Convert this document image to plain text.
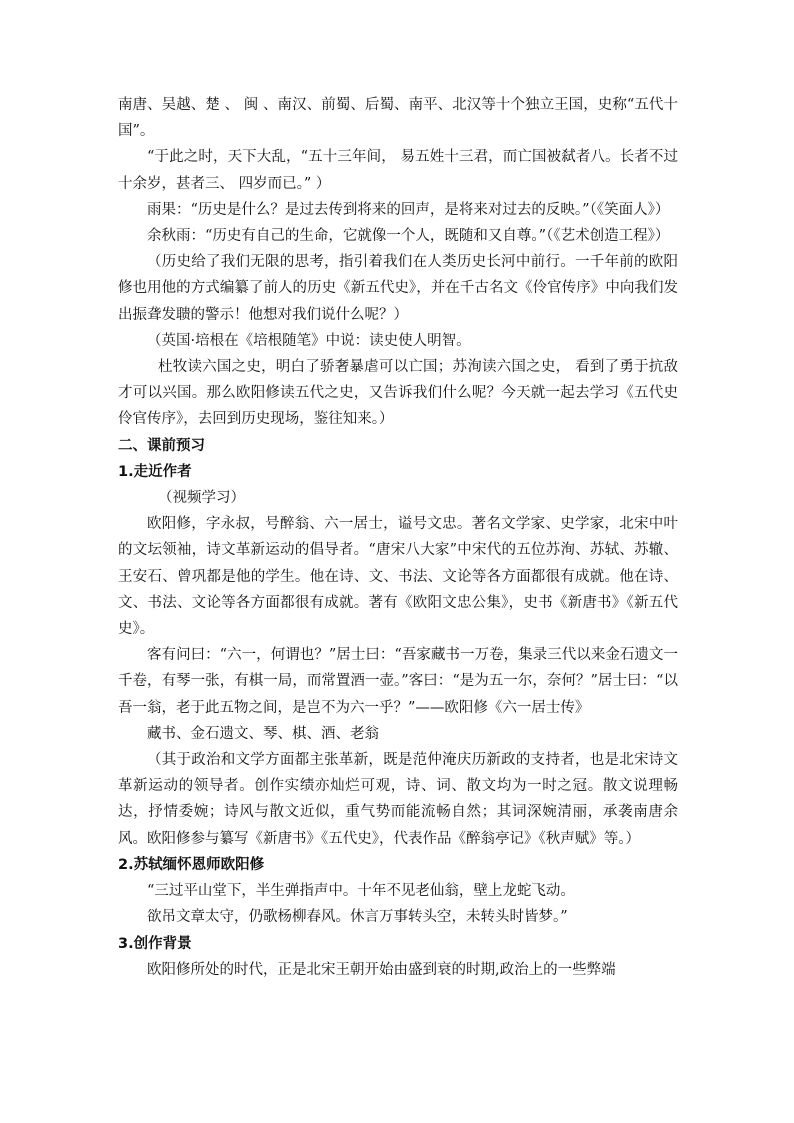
南唐、吴越、楚 、 闽 、南汉、前蜀、后蜀、南平、北汉等十个独立王国，史称“五代十国”。

“于此之时，天下大乱，“五十三年间， 易五姓十三君，而亡国被弑者八。长者不过十余岁，甚者三、 四岁而已。” ）

雨果：“历史是什么？是过去传到将来的回声，是将来对过去的反映。”（《笑面人》）

余秋雨：“历史有自己的生命，它就像一个人，既随和又自尊。”（《艺术创造工程》）

（历史给了我们无限的思考，指引着我们在人类历史长河中前行。一千年前的欧阳修也用他的方式编纂了前人的历史《新五代史》，并在千古名文《伶官传序》中向我们发出振聋发聩的警示！他想对我们说什么呢？）

（英国·培根在《培根随笔》中说：读史使人明智。

杜牧读六国之史，明白了骄奢暴虐可以亡国；苏洵读六国之史， 看到了勇于抗敌才可以兴国。那么欧阳修读五代之史，又告诉我们什么呢？今天就一起去学习《五代史伶官传序》，去回到历史现场，鉴往知来。）

二、课前预习

1.走近作者

（视频学习）

欧阳修，字永叔，号醉翁、六一居士，谥号文忠。著名文学家、史学家，北宋中叶的文坛领袖，诗文革新运动的倡导者。“唐宋八大家”中宋代的五位苏洵、苏轼、苏辙、王安石、曾巩都是他的学生。他在诗、文、书法、文论等各方面都很有成就。他在诗、文、书法、文论等各方面都很有成就。著有《欧阳文忠公集》，史书《新唐书》《新五代史》。

客有问曰：“六一，何谓也？”居士曰：“吾家藏书一万卷，集录三代以来金石遗文一千卷，有琴一张，有棋一局，而常置酒一壶。”客曰：“是为五一尔，奈何？”居士曰：“以吾一翁，老于此五物之间，是岂不为六一乎？”——欧阳修《六一居士传》

藏书、金石遗文、琴、棋、酒、老翁

（其于政治和文学方面都主张革新，既是范仲淹庆历新政的支持者，也是北宋诗文革新运动的领导者。创作实绩亦灿烂可观，诗、词、散文均为一时之冠。散文说理畅达，抒情委婉；诗风与散文近似，重气势而能流畅自然；其词深婉清丽，承袭南唐余风。欧阳修参与纂写《新唐书》《五代史》，代表作品《醉翁亭记》《秋声赋》等。）

2.苏轼缅怀恩师欧阳修

“三过平山堂下，半生弹指声中。十年不见老仙翁，壁上龙蛇飞动。

欲吊文章太守，仍歌杨柳春风。休言万事转头空，未转头时皆梦。”

3.创作背景

欧阳修所处的时代，正是北宋王朝开始由盛到衰的时期,政治上的一些弊端
